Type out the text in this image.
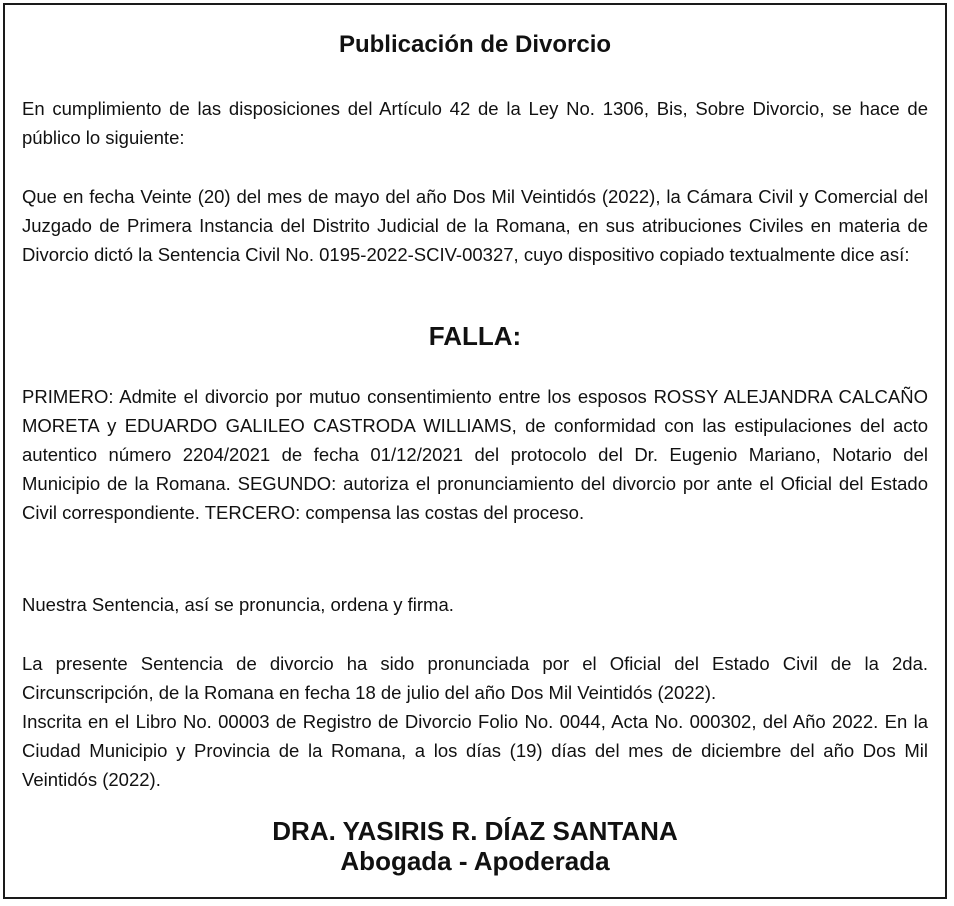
Publicación de Divorcio

En cumplimiento de las disposiciones del Artículo 42 de la Ley No. 1306, Bis, Sobre Divorcio, se hace de público lo siguiente:

Que en fecha Veinte (20) del mes de mayo del año Dos Mil Veintidós (2022), la Cámara Civil y Comercial del Juzgado de Primera Instancia del Distrito Judicial de la Romana, en sus atribuciones Civiles en materia de Divorcio dictó la Sentencia Civil No. 0195-2022-SCIV-00327, cuyo dispositivo copiado textualmente dice así:

FALLA:

PRIMERO: Admite el divorcio por mutuo consentimiento entre los esposos ROSSY ALEJANDRA CALCAÑO MORETA y EDUARDO GALILEO CASTRODA WILLIAMS, de conformidad con las estipulaciones del acto autentico número 2204/2021 de fecha 01/12/2021 del protocolo del Dr. Eugenio Mariano, Notario del Municipio de la Romana. SEGUNDO: autoriza el pronunciamiento del divorcio por ante el Oficial del Estado Civil correspondiente. TERCERO: compensa las costas del proceso.

Nuestra Sentencia, así se pronuncia, ordena y firma.

La presente Sentencia de divorcio ha sido pronunciada por el Oficial del Estado Civil de la 2da. Circunscripción, de la Romana en fecha 18 de julio del año Dos Mil Veintidós (2022).

Inscrita en el Libro No. 00003 de Registro de Divorcio Folio No. 0044, Acta No. 000302, del Año 2022. En la Ciudad Municipio y Provincia de la Romana, a los días (19) días del mes de diciembre del año Dos Mil Veintidós (2022).

DRA. YASIRIS R. DÍAZ SANTANA
Abogada - Apoderada
